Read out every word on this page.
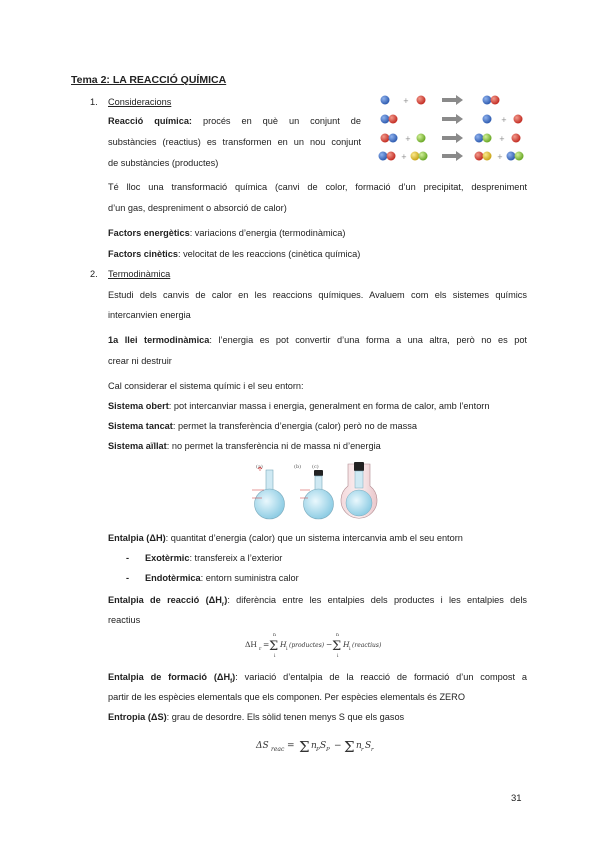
Tema 2: LA REACCIÓ QUÍMICA
1. Consideracions
Reacció química: procés en què un conjunt de
substàncies (reactius) es transformen en un nou conjunt
de substàncies (productes)
Té lloc una transformació química (canvi de color, formació d’un precipitat, despreniment
d’un gas, despreniment o absorció de calor)
Factors energètics: variacions d’energia (termodinàmica)
Factors cinètics: velocitat de les reaccions (cinètica química)
+
+
+	+
+	+
2. Termodinàmica
Estudi dels canvis de calor en les reaccions químiques. Avaluem com els sistemes químics
intercanvien energia
1a llei termodinàmica: l’energia es pot convertir d’una forma a una altra, però no es pot
crear ni destruir
Cal considerar el sistema químic i el seu entorn:
Sistema obert: pot intercanviar massa i energia, generalment en forma de calor, amb l’entorn
Sistema tancat: permet la transferència d’energia (calor) però no de massa
Sistema aïllat: no permet la transferència ni de massa ni d’energia
(a)	(b) (c)
Entalpia (ΔH): quantitat d’energia (calor) que un sistema intercanvia amb el seu entorn
- Exotèrmic: transfereix a l’exterior
- Endotèrmica: entorn suministra calor
Entalpia de reacció $(\Delta H_r)$: diferència entre les entalpies dels productes i les entalpies dels
reactius
ΔH r = Σ
n
i
H i (productes) − Σ
n
i
H i (reactius)
Entalpia de formació $(\Delta H_f)$: variació d’entalpia de la reacció de formació d’un compost a
partir de les espècies elementals que els componen. Per espècies elementals és ZERO
Entropia (ΔS): grau de desordre. Els sòlid tenen menys S que els gasos
ΔS reac = Σ n P S P − Σ n r S r
31
